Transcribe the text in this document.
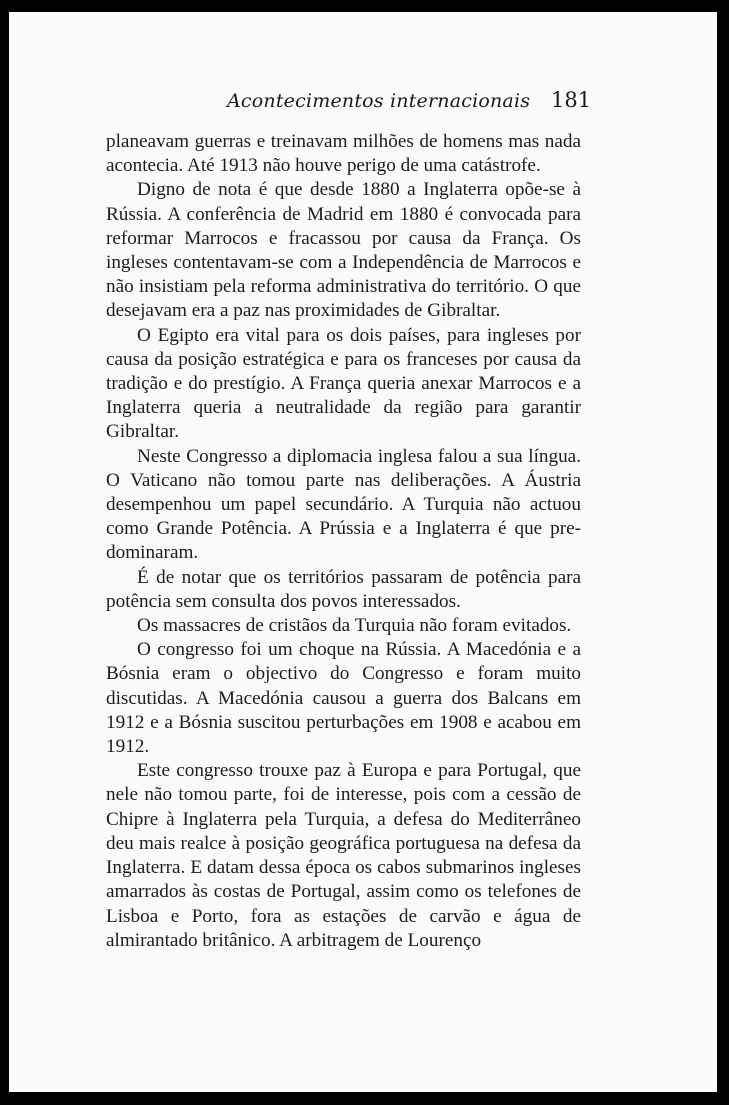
Acontecimentos internacionais 181

planeavam guerras e treinavam milhões de homens mas nada acontecia. Até 1913 não houve perigo de uma catástrofe.

Digno de nota é que desde 1880 a Inglaterra opõe-se à Rússia. A conferência de Madrid em 1880 é convocada para reformar Marrocos e fracassou por causa da França. Os ingleses contentavam-se com a Independência de Marrocos e não insistiam pela reforma administrativa do território. O que desejavam era a paz nas proximidades de Gibraltar.

O Egipto era vital para os dois países, para ingleses por causa da posição estratégica e para os franceses por causa da tradição e do prestígio. A França queria anexar Marrocos e a Inglaterra queria a neutralidade da região para garantir Gibraltar.

Neste Congresso a diplomacia inglesa falou a sua língua. O Vaticano não tomou parte nas deliberações. A Áustria desempenhou um papel secundário. A Turquia não actuou como Grande Potência. A Prússia e a Inglaterra é que predominaram.

É de notar que os territórios passaram de potência para potência sem consulta dos povos interessados.

Os massacres de cristãos da Turquia não foram evitados.

O congresso foi um choque na Rússia. A Macedónia e a Bósnia eram o objectivo do Congresso e foram muito discutidas. A Macedónia causou a guerra dos Balcans em 1912 e a Bósnia suscitou perturbações em 1908 e acabou em 1912.

Este congresso trouxe paz à Europa e para Portugal, que nele não tomou parte, foi de interesse, pois com a cessão de Chipre à Inglaterra pela Turquia, a defesa do Mediterrâneo deu mais realce à posição geográfica portuguesa na defesa da Inglaterra. E datam dessa época os cabos submarinos ingleses amarrados às costas de Portugal, assim como os telefones de Lisboa e Porto, fora as estações de carvão e água de almirantado britânico. A arbitragem de Lourenço
